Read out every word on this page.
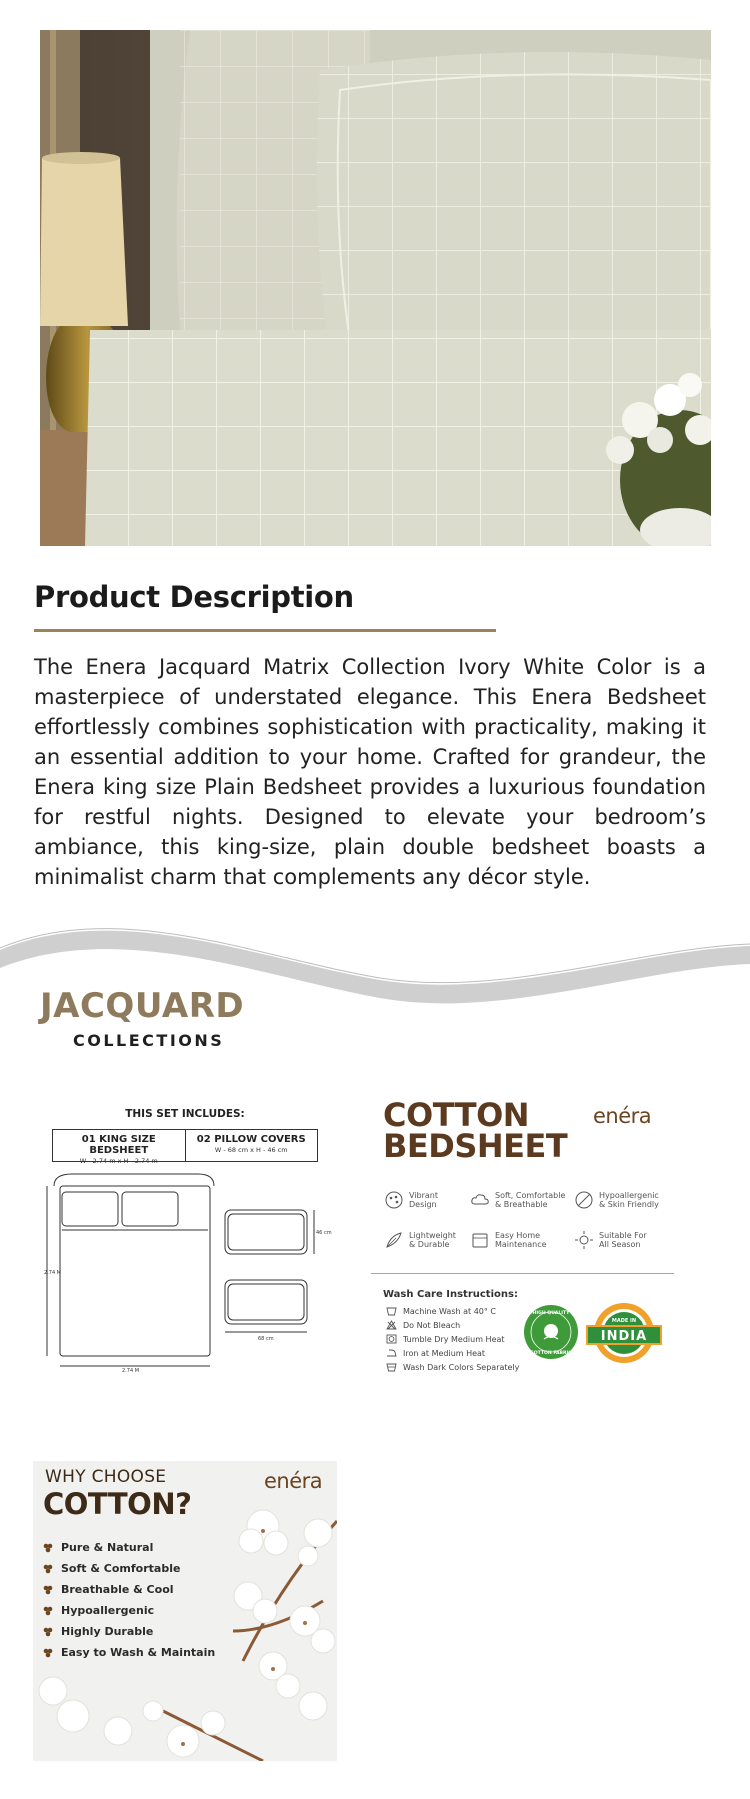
Product Description
The Enera Jacquard Matrix Collection Ivory White Color is a masterpiece of understated elegance. This Enera Bedsheet effortlessly combines sophistication with practicality, making it an essential addition to your home. Crafted for grandeur, the Enera king size Plain Bedsheet provides a luxurious foundation for restful nights. Designed to elevate your bedroom’s ambiance, this king-size, plain double bedsheet boasts a minimalist charm that complements any décor style.
JACQUARD
COLLECTIONS
THIS SET INCLUDES:
01 KING SIZE BEDSHEET
W - 2.74 m x H - 2.74 m
02 PILLOW COVERS
W - 68 cm x H - 46 cm
2.74 M
2.74 M
46 cm
68 cm
COTTON
BEDSHEET
enéra
Vibrant
Design
Soft, Comfortable
& Breathable
Hypoallergenic
& Skin Friendly
Lightweight
& Durable
Easy Home
Maintenance
Suitable For
All Season
Wash Care Instructions:
Machine Wash at 40° C
Do Not Bleach
Tumble Dry Medium Heat
Iron at Medium Heat
Wash Dark Colors Separately
HIGH QUALITY
COTTON FABRIC
MADE IN
INDIA
WHY CHOOSE
COTTON?
enéra
Pure & Natural
Soft & Comfortable
Breathable & Cool
Hypoallergenic
Highly Durable
Easy to Wash & Maintain
